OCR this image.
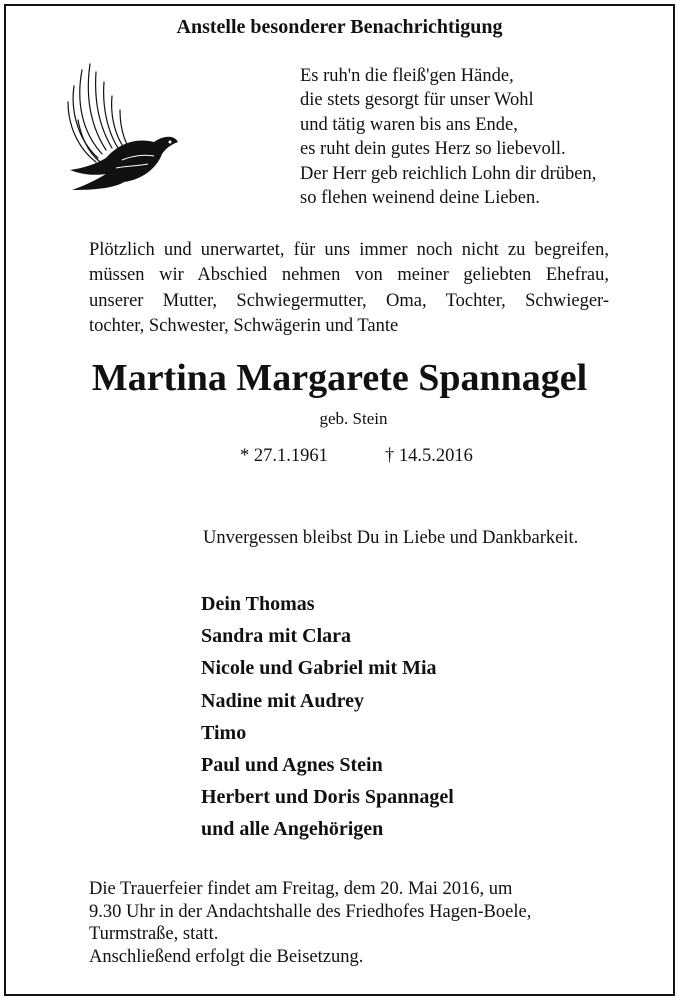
Anstelle besonderer Benachrichtigung
Es ruh'n die fleiß'gen Hände,
die stets gesorgt für unser Wohl
und tätig waren bis ans Ende,
es ruht dein gutes Herz so liebevoll.
Der Herr geb reichlich Lohn dir drüben,
so flehen weinend deine Lieben.
Plötzlich und unerwartet, für uns immer noch nicht zu begreifen,
müssen wir Abschied nehmen von meiner geliebten Ehefrau,
unserer Mutter, Schwiegermutter, Oma, Tochter, Schwieger-
tochter, Schwester, Schwägerin und Tante
Martina Margarete Spannagel
geb. Stein
* 27.1.1961	† 14.5.2016
Unvergessen bleibst Du in Liebe und Dankbarkeit.
Dein Thomas
Sandra mit Clara
Nicole und Gabriel mit Mia
Nadine mit Audrey
Timo
Paul und Agnes Stein
Herbert und Doris Spannagel
und alle Angehörigen
Die Trauerfeier findet am Freitag, dem 20. Mai 2016, um
9.30 Uhr in der Andachtshalle des Friedhofes Hagen-Boele,
Turmstraße, statt.
Anschließend erfolgt die Beisetzung.
